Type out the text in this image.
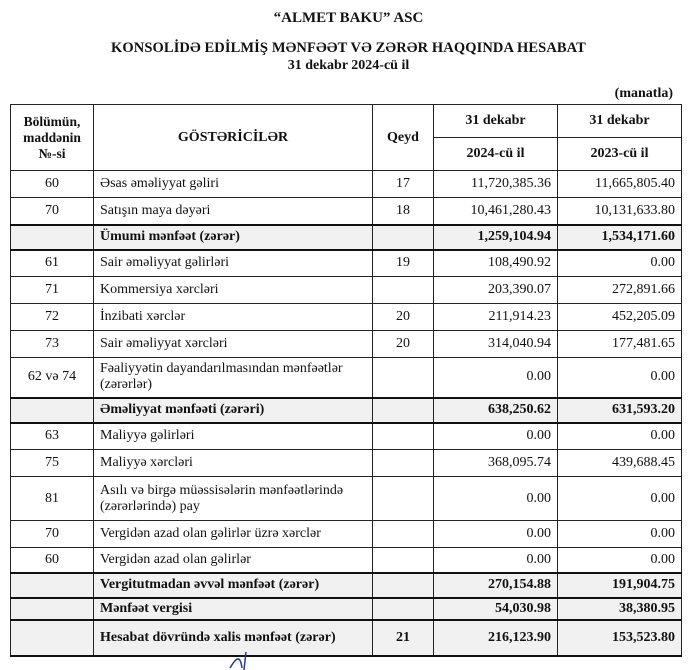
“ALMET BAKU” ASC
KONSOLİDƏ EDİLMİŞ MƏNFƏƏT VƏ ZƏRƏR HAQQINDA HESABAT
31 dekabr 2024-cü il
(manatla)
Bölümün, maddənin №-si	GÖSTƏRİCİLƏR	Qeyd	31 dekabr	31 dekabr
			2024-cü il	2023-cü il
60	Əsas əməliyyat gəliri	17	11,720,385.36	11,665,805.40
70	Satışın maya dəyəri	18	10,461,280.43	10,131,633.80
	Ümumi mənfəət (zərər)		1,259,104.94	1,534,171.60
61	Sair əməliyyat gəlirləri	19	108,490.92	0.00
71	Kommersiya xərcləri		203,390.07	272,891.66
72	İnzibati xərclər	20	211,914.23	452,205.09
73	Sair əməliyyat xərcləri	20	314,040.94	177,481.65
62 və 74	Fəaliyyətin dayandarılmasından mənfəətlər (zərərlər)		0.00	0.00
	Əməliyyat mənfəəti (zərəri)		638,250.62	631,593.20
63	Maliyyə gəlirləri		0.00	0.00
75	Maliyyə xərcləri		368,095.74	439,688.45
81	Asılı və birgə müəssisələrin mənfəətlərində (zərərlərində) pay		0.00	0.00
70	Vergidən azad olan gəlirlər üzrə xərclər		0.00	0.00
60	Vergidən azad olan gəlirlər		0.00	0.00
	Vergitutmadan əvvəl mənfəət (zərər)		270,154.88	191,904.75
	Mənfəət vergisi		54,030.98	38,380.95
	Hesabat dövründə xalis mənfəət (zərər)	21	216,123.90	153,523.80
